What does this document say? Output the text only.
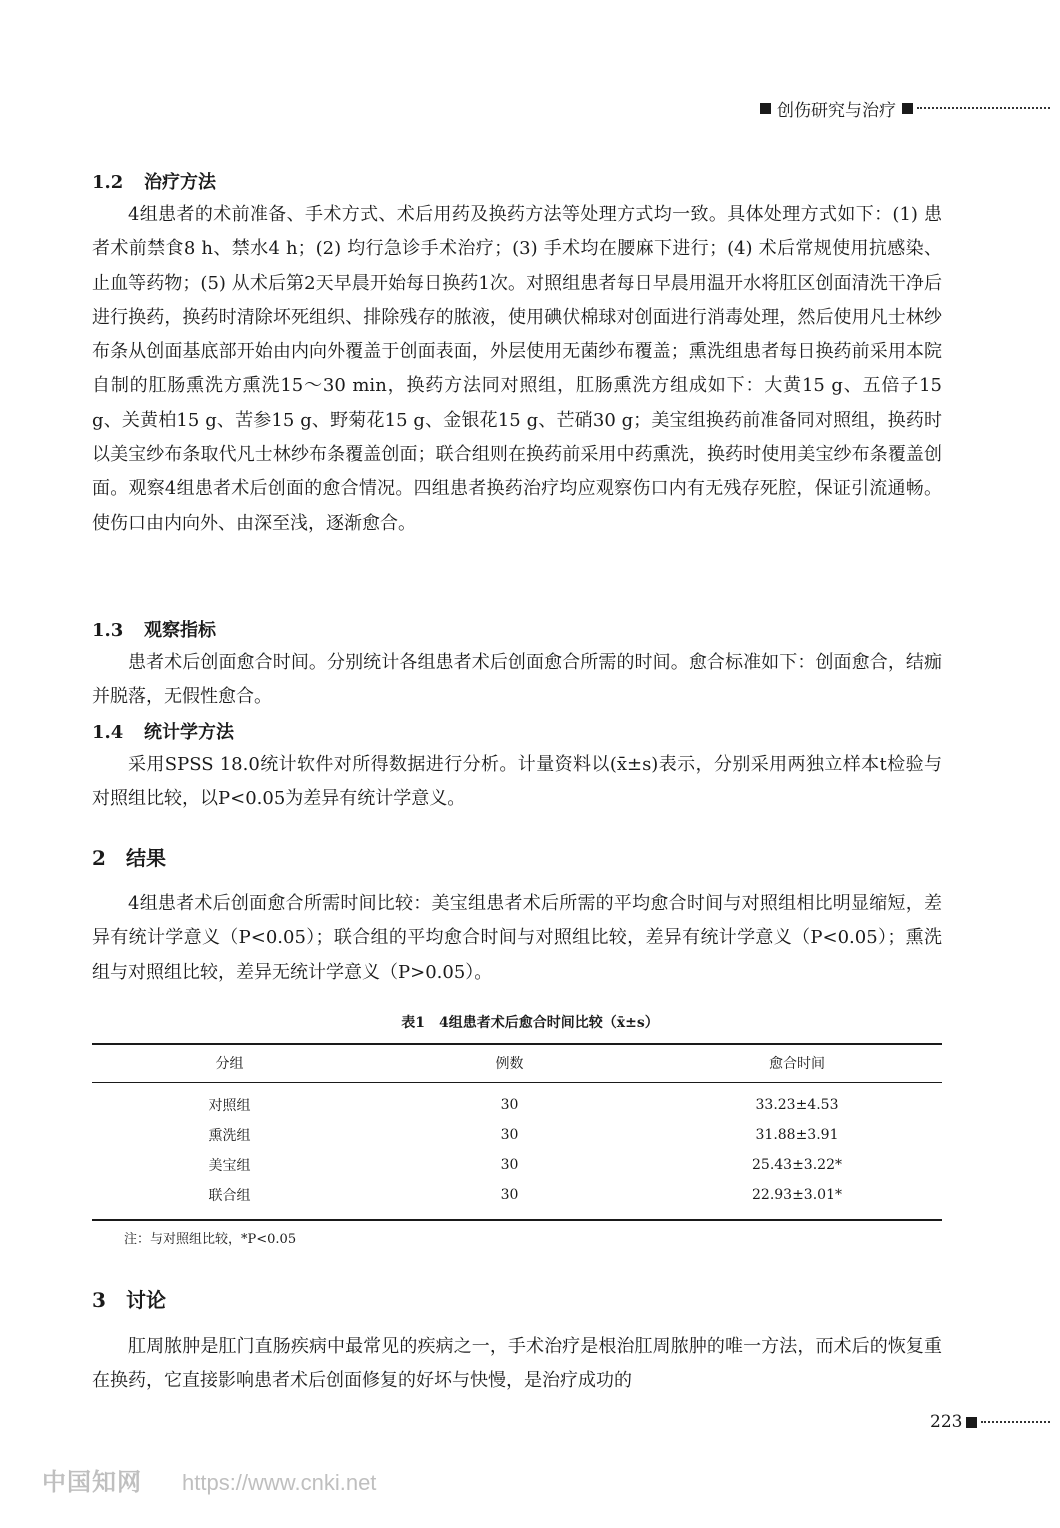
创伤研究与治疗
1.2 治疗方法

4组患者的术前准备、手术方式、术后用药及换药方法等处理方式均一致。具体处理方式如下：(1) 患者术前禁食8 h、禁水4 h；(2) 均行急诊手术治疗；(3) 手术均在腰麻下进行；(4) 术后常规使用抗感染、止血等药物；(5) 从术后第2天早晨开始每日换药1次。对照组患者每日早晨用温开水将肛区创面清洗干净后进行换药，换药时清除坏死组织、排除残存的脓液，使用碘伏棉球对创面进行消毒处理，然后使用凡士林纱布条从创面基底部开始由内向外覆盖于创面表面，外层使用无菌纱布覆盖；熏洗组患者每日换药前采用本院自制的肛肠熏洗方熏洗15～30 min，换药方法同对照组，肛肠熏洗方组成如下：大黄15 g、五倍子15 g、关黄柏15 g、苦参15 g、野菊花15 g、金银花15 g、芒硝30 g；美宝组换药前准备同对照组，换药时以美宝纱布条取代凡士林纱布条覆盖创面；联合组则在换药前采用中药熏洗，换药时使用美宝纱布条覆盖创面。观察4组患者术后创面的愈合情况。四组患者换药治疗均应观察伤口内有无残存死腔，保证引流通畅。使伤口由内向外、由深至浅，逐渐愈合。

1.3 观察指标

患者术后创面愈合时间。分别统计各组患者术后创面愈合所需的时间。愈合标准如下：创面愈合，结痂并脱落，无假性愈合。

1.4 统计学方法

采用SPSS 18.0统计软件对所得数据进行分析。计量资料以(x̄±s)表示，分别采用两独立样本t检验与对照组比较，以P<0.05为差异有统计学意义。

2 结果

4组患者术后创面愈合所需时间比较：美宝组患者术后所需的平均愈合时间与对照组相比明显缩短，差异有统计学意义（P<0.05）；联合组的平均愈合时间与对照组比较，差异有统计学意义（P<0.05）；熏洗组与对照组比较，差异无统计学意义（P>0.05）。

表1　4组患者术后愈合时间比较（x̄±s）
分组	例数	愈合时间
对照组	30	33.23±4.53
熏洗组	30	31.88±3.91
美宝组	30	25.43±3.22*
联合组	30	22.93±3.01*
注：与对照组比较，*P<0.05
3 讨论

肛周脓肿是肛门直肠疾病中最常见的疾病之一，手术治疗是根治肛周脓肿的唯一方法，而术后的恢复重在换药，它直接影响患者术后创面修复的好坏与快慢，是治疗成功的

223
中国知网 https://www.cnki.net
